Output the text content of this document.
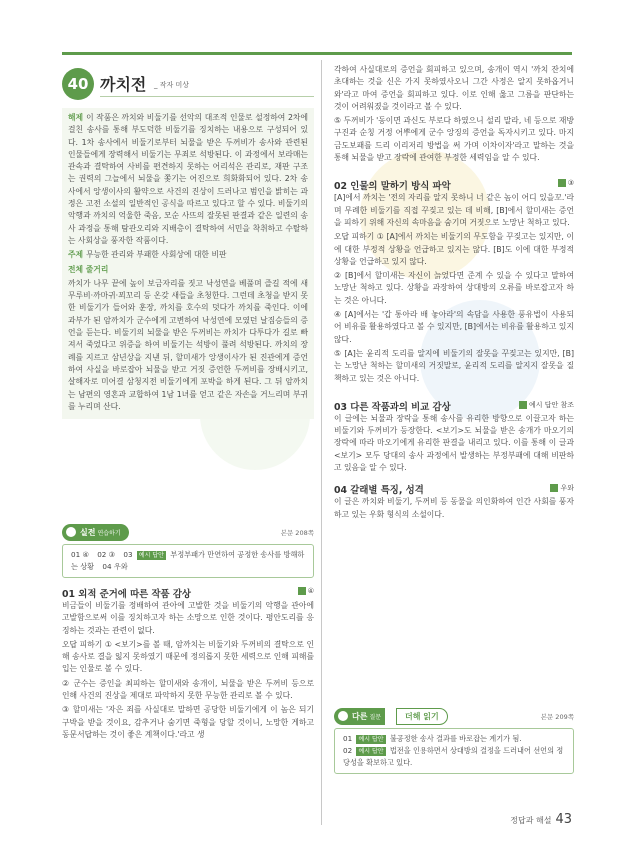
40 까치전 _ 작자 미상

해제 이 작품은 까치와 비둘기를 선악의 대조적 인물로 설정하여 2차에 걸친 송사를 통해 부도덕한 비둘기를 징치하는 내용으로 구성되어 있다. 1차 송사에서 비둘기로부터 뇌물을 받은 두꺼비가 송사와 관련된 인물들에게 장력해서 비둘기는 무죄로 석방된다. 이 과정에서 보라매는 관속과 결탁하여 사비를 편견하지 못하는 어리석은 관리로, 재판 구조는 권력의 그늘에서 뇌물을 쫓기는 어진으로 희화화되어 있다. 2차 송사에서 앙생이사의 활약으로 사건의 진상이 드러나고 범인을 밝히는 과정은 고전 소설의 일반적인 공식을 따르고 있다고 할 수 있다. 비둘기의 악행과 까치의 억울한 죽음, 모순 사뜨의 잘못된 판결과 같은 일련의 송사 과정을 통해 탐관오리와 지배층이 결탁하여 서민을 착취하고 수탈하는 사회상을 풍자한 작품이다.

주제 무능한 관리와 부패한 사회상에 대한 비판

전체 줄거리

까치가 나무 끝에 높이 보금자리를 짓고 낙성연을 베풀며 즐길 적에 새무루비·까마귀·꾀꼬리 등 온갖 새들을 초청한다. 그런데 초청을 받지 못한 비둘기가 들어와 훈장, 까치를 호수의 덧다가 까치를 죽인다. 이에 과부가 된 암까치가 군수에게 고변하여 낙성연에 모였던 날짐승들의 증언을 듣는다. 비둘기의 뇌물을 받은 두꺼비는 까치가 다투다가 길로 빠져서 죽었다고 위증을 하여 비둘기는 석방이 풀려 석방된다. 까치의 장례를 지르고 삼년상을 지낸 뒤, 할미새가 앙생이사가 된 진관에게 증언하여 사실을 바로잡아 뇌물을 받고 거짓 증언한 두꺼비를 장배시키고, 살해자로 미어결 삼청지전 비둘기에게 포박을 하게 된다. 그 뒤 암까치는 남편의 영혼과 교합하여 1남 1녀를 얻고 같은 자손을 거느리며 부귀를 누리며 산다.

실전 연습하기	본문 208쪽
01 ④ 02 ③ 03 예시 답안 부정부패가 만연하여 공정한 송사를 방해하는 상황 04 우와
01 외적 준거에 따른 작품 감상	④

비금들이 비둘기를 정배하여 관아에 고발한 것을 비둘기의 악행을 관아에 고발함으로써 이를 징치하고자 하는 소망으로 인한 것이다. 평안도리를 응징하는 것과는 관련이 없다.

오답 피하기 ① <보기>를 볼 때, 암까치는 비둘기와 두꺼비의 결탁으로 인해 송사로 결을 잃지 못하였기 때문에 정의롭지 못한 세력으로 인해 피해를 입는 인물로 볼 수 있다.

② 군수는 증인을 최피하는 할미새와 송개이, 뇌물을 받은 두꺼비 등으로 인해 사건의 진상을 제대로 파악하지 못한 무능한 관리로 볼 수 있다.

③ 할미새는 '자은 죄를 사실대로 말하면 공당한 비둘기에게 이 놈은 되기 구박을 받을 것이요, 감추거나 숨기면 죽형을 당할 것이니, 노망한 게하고 동문서답하는 것이 좋은 계책이다.'라고 생

각하여 사실대로의 증언을 회피하고 있으며, 송개이 역시 '까치 잔치에 초대하는 것을 신은 가지 못하였사오니 그간 사정은 알지 못하옵거니와'라고 마여 증언을 회피하고 있다. 이로 인해 옳고 그름을 판단하는 것이 어려워졌을 것이라고 볼 수 있다.

⑤ 두꺼비가 '동이면 과신도 부로다 하였으니 설리 말라, 네 등으로 재방 구진과 순칭 거정 어뿌에게 군수 앙징의 증언을 독자시키고 있다. 마지 금도보패를 드리 이리저리 방법을 써 가며 이차이자'라고 말하는 것을 통해 뇌물을 받고 장락에 관여한 부정한 세력임을 알 수 있다.

02 인물의 말하기 방식 파악	③

[A]에서 까치는 '전의 자리를 알지 못하니 너 같은 놈이 어디 있을꼬.'라며 무례한 비둘기를 직접 꾸짖고 있는 데 비해, [B]에서 할미새는 증언을 피하기 위해 자신의 속마음을 숨기며 거짓으로 노망난 척하고 있다.

오답 피하기 ① [A]에서 까치는 비둘기의 무도함을 꾸짖고는 있지만, 이에 대한 부정적 상황을 언급하고 있지는 않다. [B]도 이에 대한 부정적 상황을 언급하고 있지 않다.

② [B]에서 할미새는 자신이 늙었다면 준계 수 있을 수 있다고 말하여 노망난 척하고 있다. 상황을 과장하여 상대방의 오류를 바로잡고자 하는 것은 아니다.

④ [A]에서는 '갑 통아라 배 놓아라'의 속담을 사용한 풍유법이 사용되어 비유를 활용하였다고 볼 수 있지만, [B]에서는 비유를 활용하고 있지 않다.

⑤ [A]는 윤리적 도리를 알지에 비둘기의 잘못을 꾸짖고는 있지만, [B]는 노망난 척하는 할미새의 거짓말로, 윤리적 도리를 알지지 잘못을 질책하고 있는 것은 아니다.

03 다른 작품과의 비교 감상	예시 답안 참조

이 글에는 뇌물과 장락을 통해 송사를 유리한 방향으로 이끌고자 하는 비둘기와 두꺼비가 등장한다. <보기>도 뇌물을 받은 송개가 마오기의 장락에 따라 마오기에게 유리한 판결을 내리고 있다. 이를 통해 이 글과 <보기> 모두 당대의 송사 과정에서 발생하는 부정부패에 대해 비판하고 있음을 알 수 있다.

04 갈래별 특징, 성격	우와

이 글은 까치와 비둘기, 두꺼비 등 동물을 의인화하여 인간 사회를 풍자하고 있는 우화 형식의 소설이다.

다른 질문	더해 읽기	본문 209쪽
01 예시 답안 불공정한 송사 결과를 바로잡는 계기가 됨.
02 예시 답안 법전을 인용하면서 상대방의 결정을 드러내어 선언의 정당성을 확보하고 있다.
정답과 해설 43
